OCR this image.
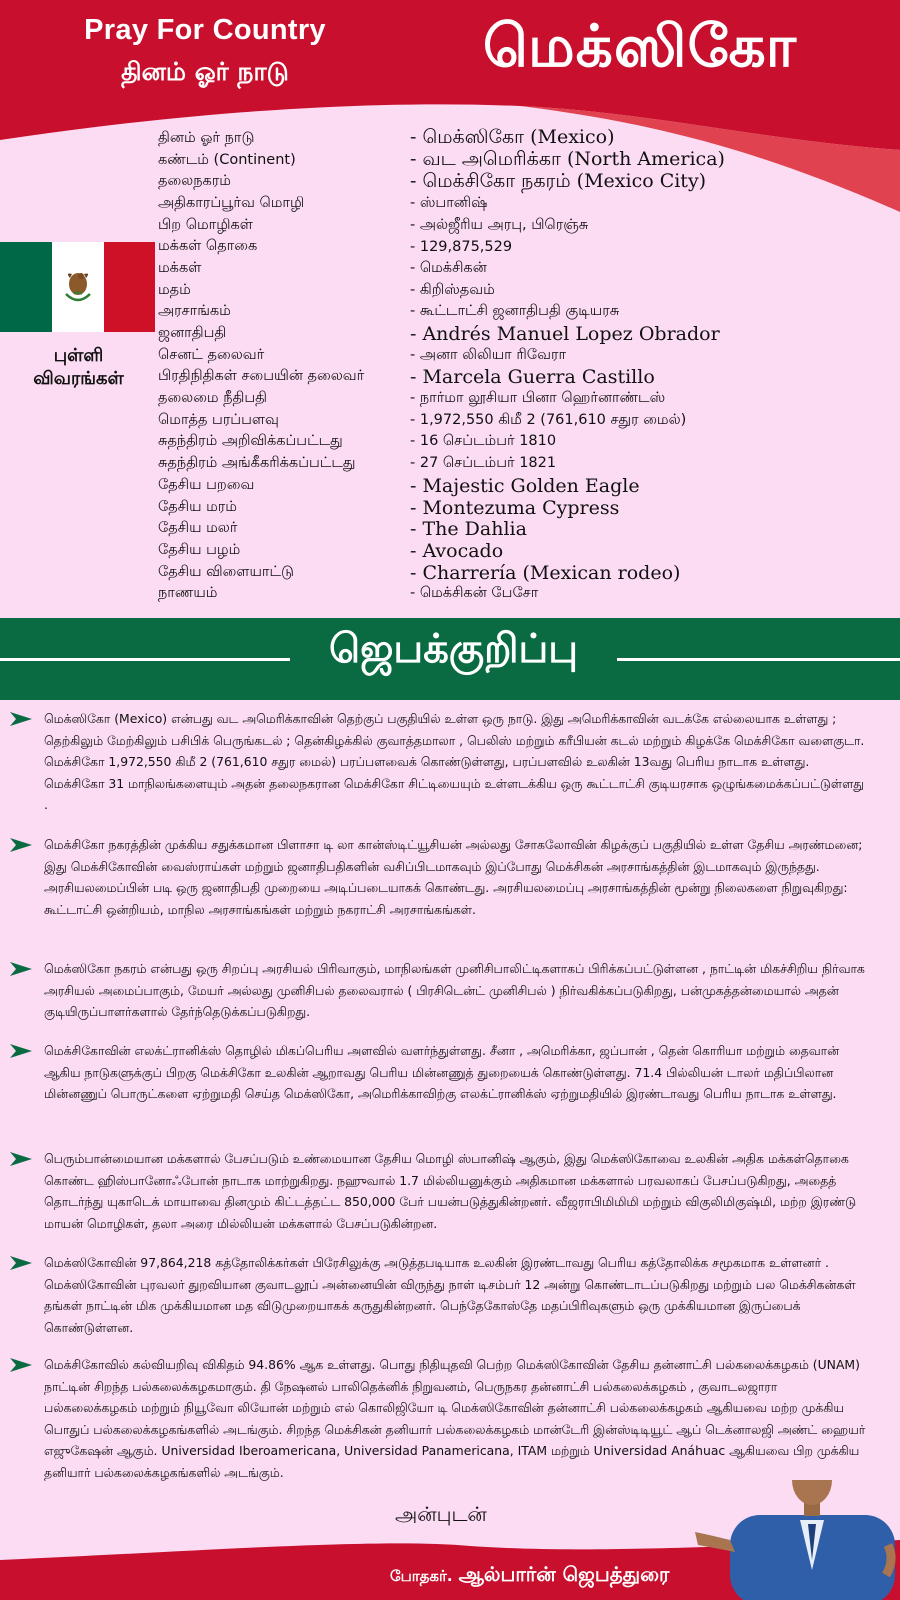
Pray For Country
தினம் ஓர் நாடு	மெக்ஸிகோ
புள்ளி
விவரங்கள்
தினம் ஓர் நாடு	- மெக்ஸிகோ (Mexico)
கண்டம் (Continent)	- வட அமெரிக்கா (North America)
தலைநகரம்	- மெக்சிகோ நகரம் (Mexico City)
அதிகாரப்பூர்வ மொழி	- ஸ்பானிஷ்
பிற மொழிகள்	- அல்ஜீரிய அரபு, பிரெஞ்சு
மக்கள் தொகை	- 129,875,529
மக்கள்	- மெக்சிகன்
மதம்	- கிறிஸ்தவம்
அரசாங்கம்	- கூட்டாட்சி ஜனாதிபதி குடியரசு
ஜனாதிபதி	- Andrés Manuel Lopez Obrador
செனட் தலைவர்	- அனா லிலியா ரிவேரா
பிரதிநிதிகள் சபையின் தலைவர்	- Marcela Guerra Castillo
தலைமை நீதிபதி	- நார்மா லூசியா பினா ஹெர்னாண்டஸ்
மொத்த பரப்பளவு	- 1,972,550 கிமீ 2 (761,610 சதுர மைல்)
சுதந்திரம் அறிவிக்கப்பட்டது	- 16 செப்டம்பர் 1810
சுதந்திரம் அங்கீகரிக்கப்பட்டது	- 27 செப்டம்பர் 1821
தேசிய பறவை	- Majestic Golden Eagle
தேசிய மரம்	- Montezuma Cypress
தேசிய மலர்	- The Dahlia
தேசிய பழம்	- Avocado
தேசிய விளையாட்டு	- Charrería (Mexican rodeo)
நாணயம்	- மெக்சிகன் பேசோ
ஜெபக்குறிப்பு

மெக்ஸிகோ (Mexico) என்பது வட அமெரிக்காவின் தெற்குப் பகுதியில் உள்ள ஒரு நாடு. இது அமெரிக்காவின் வடக்கே எல்லையாக உள்ளது ; தெற்கிலும் மேற்கிலும் பசிபிக் பெருங்கடல் ; தென்கிழக்கில் குவாத்தமாலா , பெலிஸ் மற்றும் கரீபியன் கடல் மற்றும் கிழக்கே மெக்சிகோ வளைகுடா. மெக்சிகோ 1,972,550 கிமீ 2 (761,610 சதுர மைல்) பரப்பளவைக் கொண்டுள்ளது, பரப்பளவில் உலகின் 13வது பெரிய நாடாக உள்ளது. மெக்சிகோ 31 மாநிலங்களையும் அதன் தலைநகரான மெக்சிகோ சிட்டியையும் உள்ளடக்கிய ஒரு கூட்டாட்சி குடியரசாக ஒழுங்கமைக்கப்பட்டுள்ளது .

மெக்சிகோ நகரத்தின் முக்கிய சதுக்கமான பிளாசா டி லா கான்ஸ்டிட்யூசியன் அல்லது சோகலோவின் கிழக்குப் பகுதியில் உள்ள தேசிய அரண்மனை; இது மெக்சிகோவின் வைஸ்ராய்கள் மற்றும் ஜனாதிபதிகளின் வசிப்பிடமாகவும் இப்போது மெக்சிகன் அரசாங்கத்தின் இடமாகவும் இருந்தது. அரசியலமைப்பின் படி ஒரு ஜனாதிபதி முறையை அடிப்படையாகக் கொண்டது. அரசியலமைப்பு அரசாங்கத்தின் மூன்று நிலைகளை நிறுவுகிறது: கூட்டாட்சி ஒன்றியம், மாநில அரசாங்கங்கள் மற்றும் நகராட்சி அரசாங்கங்கள்.

மெக்ஸிகோ நகரம் என்பது ஒரு சிறப்பு அரசியல் பிரிவாகும், மாநிலங்கள் முனிசிபாலிட்டிகளாகப் பிரிக்கப்பட்டுள்ளன , நாட்டின் மிகச்சிறிய நிர்வாக அரசியல் அமைப்பாகும், மேயர் அல்லது முனிசிபல் தலைவரால் ( பிரசிடென்ட் முனிசிபல் ) நிர்வகிக்கப்படுகிறது, பன்முகத்தன்மையால் அதன் குடியிருப்பாளர்களால் தேர்ந்தெடுக்கப்படுகிறது.

மெக்சிகோவின் எலக்ட்ரானிக்ஸ் தொழில் மிகப்பெரிய அளவில் வளர்ந்துள்ளது. சீனா , அமெரிக்கா, ஜப்பான் , தென் கொரியா மற்றும் தைவான் ஆகிய நாடுகளுக்குப் பிறகு மெக்சிகோ உலகின் ஆறாவது பெரிய மின்னணுத் துறையைக் கொண்டுள்ளது. 71.4 பில்லியன் டாலர் மதிப்பிலான மின்னணுப் பொருட்களை ஏற்றுமதி செய்த மெக்ஸிகோ, அமெரிக்காவிற்கு எலக்ட்ரானிக்ஸ் ஏற்றுமதியில் இரண்டாவது பெரிய நாடாக உள்ளது.

பெரும்பான்மையான மக்களால் பேசப்படும் உண்மையான தேசிய மொழி ஸ்பானிஷ் ஆகும், இது மெக்ஸிகோவை உலகின் அதிக மக்கள்தொகை கொண்ட ஹிஸ்பானோஃபோன் நாடாக மாற்றுகிறது. நஹுவால் 1.7 மில்லியனுக்கும் அதிகமான மக்களால் பரவலாகப் பேசப்படுகிறது, அதைத் தொடர்ந்து யுகாடெக் மாயாவை தினமும் கிட்டத்தட்ட 850,000 பேர் பயன்படுத்துகின்றனர். வீஜராபிமிமிமி மற்றும் விகுலிமிகுஷ்மி, மற்ற இரண்டு மாயன் மொழிகள், தலா அரை மில்லியன் மக்களால் பேசப்படுகின்றன.

மெக்ஸிகோவின் 97,864,218 கத்தோலிக்கர்கள் பிரேசிலுக்கு அடுத்தபடியாக உலகின் இரண்டாவது பெரிய கத்தோலிக்க சமூகமாக உள்ளனர் . மெக்ஸிகோவின் புரவலர் துறவியான குவாடலூப் அன்னையின் விருந்து நாள் டிசம்பர் 12 அன்று கொண்டாடப்படுகிறது மற்றும் பல மெக்சிகன்கள் தங்கள் நாட்டின் மிக முக்கியமான மத விடுமுறையாகக் கருதுகின்றனர். பெந்தேகோஸ்தே மதப்பிரிவுகளும் ஒரு முக்கியமான இருப்பைக் கொண்டுள்ளன.

மெக்சிகோவில் கல்வியறிவு விகிதம் 94.86% ஆக உள்ளது. பொது நிதியுதவி பெற்ற மெக்ஸிகோவின் தேசிய தன்னாட்சி பல்கலைக்கழகம் (UNAM) நாட்டின் சிறந்த பல்கலைக்கழகமாகும். தி நேஷனல் பாலிதெக்னிக் நிறுவனம், பெருநகர தன்னாட்சி பல்கலைக்கழகம் , குவாடலஜாரா பல்கலைக்கழகம் மற்றும் நியூவோ லியோன் மற்றும் எல் கொலிஜியோ டி மெக்ஸிகோவின் தன்னாட்சி பல்கலைக்கழகம் ஆகியவை மற்ற முக்கிய பொதுப் பல்கலைக்கழகங்களில் அடங்கும். சிறந்த மெக்சிகன் தனியார் பல்கலைக்கழகம் மான்டேரி இன்ஸ்டிடியூட் ஆப் டெக்னாலஜி அண்ட் ஹையர் எஜுகேஷன் ஆகும். Universidad Iberoamericana, Universidad Panamericana, ITAM மற்றும் Universidad Anáhuac ஆகியவை பிற முக்கிய தனியார் பல்கலைக்கழகங்களில் அடங்கும்.

அன்புடன்
போதகர். ஆல்பார்ன் ஜெபத்துரை
